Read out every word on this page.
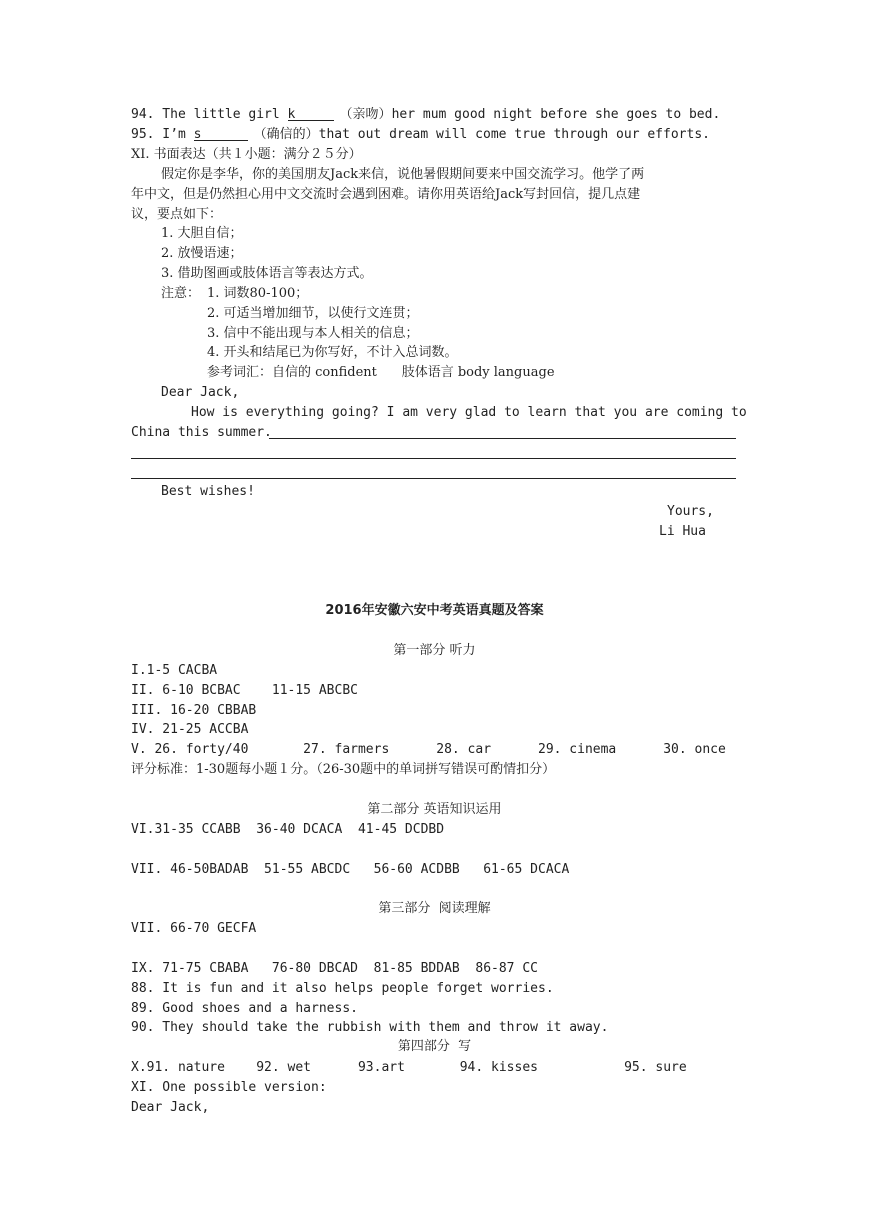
94. The little girl k	（亲吻）her mum good night before she goes to bed.
95. I’m s	（确信的）that out dream will come true through our efforts.
XI. 书面表达（共１小题：满分２５分）
假定你是李华，你的美国朋友Jack来信，说他暑假期间要来中国交流学习。他学了两
年中文，但是仍然担心用中文交流时会遇到困难。请你用英语给Jack写封回信，提几点建
议，要点如下：
1. 大胆自信；
2. 放慢语速；
3. 借助图画或肢体语言等表达方式。
注意： 1. 词数80-100；
2. 可适当增加细节，以使行文连贯；
3. 信中不能出现与本人相关的信息；
4. 开头和结尾已为你写好，不计入总词数。
参考词汇：自信的 confident      肢体语言 body language
Dear Jack,
How is everything going? I am very glad to learn that you are coming to
China this summer.
Best wishes!
Yours,
Li Hua
2016年安徽六安中考英语真题及答案
第一部分 听力
I.1-5 CACBA
II. 6-10 BCBAC    11-15 ABCBC
III. 16-20 CBBAB
IV. 21-25 ACCBA
V. 26. forty/40       27. farmers      28. car      29. cinema      30. once
评分标准：1-30题每小题１分。（26-30题中的单词拼写错误可酌情扣分）
第二部分 英语知识运用
VI.31-35 CCABB  36-40 DCACA  41-45 DCDBD
VII. 46-50BADAB  51-55 ABCDC   56-60 ACDBB   61-65 DCACA
第三部分  阅读理解
VII. 66-70 GECFA
IX. 71-75 CBABA   76-80 DBCAD  81-85 BDDAB  86-87 CC
88. It is fun and it also helps people forget worries.
89. Good shoes and a harness.
90. They should take the rubbish with them and throw it away.
第四部分  写
X.91. nature    92. wet      93.art       94. kisses           95. sure
XI. One possible version:
Dear Jack,
